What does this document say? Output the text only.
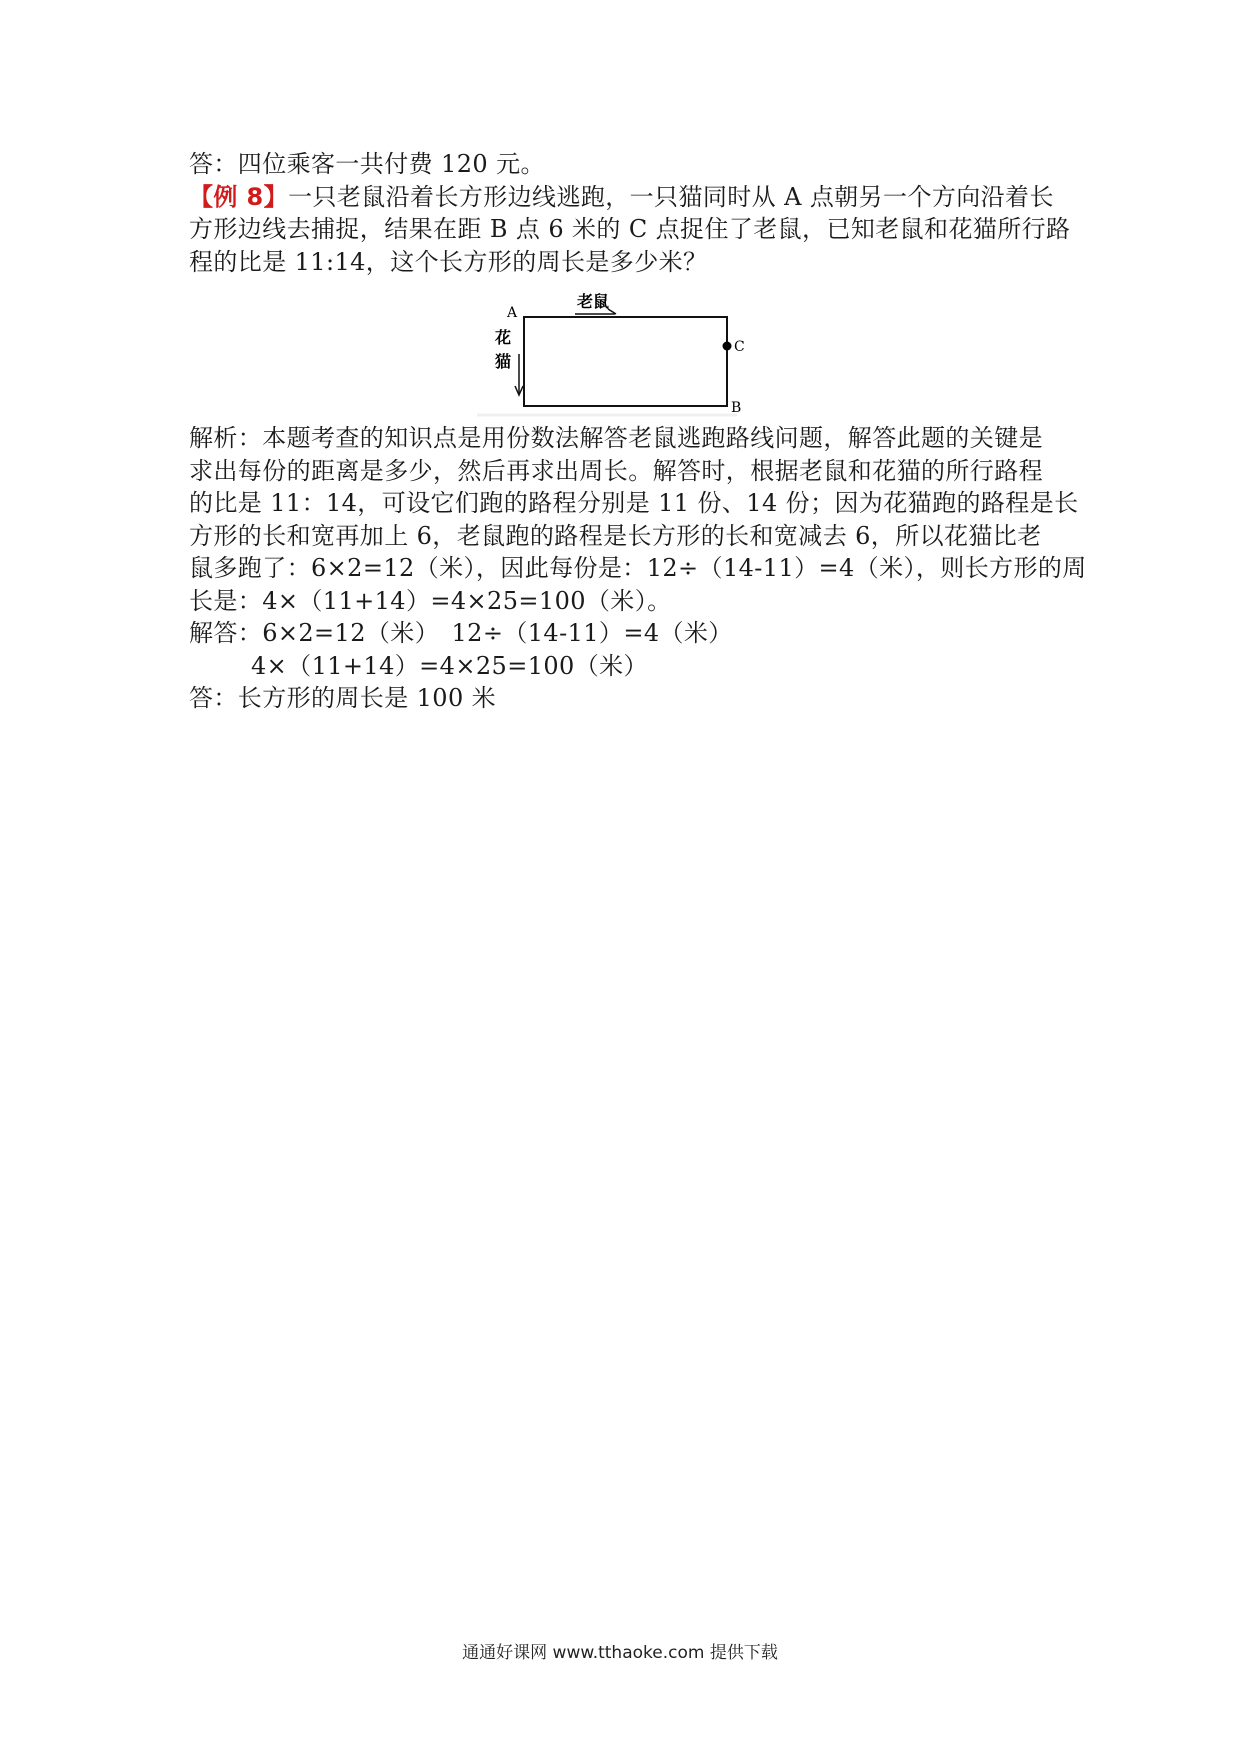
答：四位乘客一共付费 120 元。
【例 8】一只老鼠沿着长方形边线逃跑，一只猫同时从 A 点朝另一个方向沿着长
方形边线去捕捉，结果在距 B 点 6 米的 C 点捉住了老鼠，已知老鼠和花猫所行路
程的比是 11:14，这个长方形的周长是多少米？
A
B
C
老鼠
花
猫
解析：本题考查的知识点是用份数法解答老鼠逃跑路线问题，解答此题的关键是
求出每份的距离是多少，然后再求出周长。解答时，根据老鼠和花猫的所行路程
的比是 11：14，可设它们跑的路程分别是 11 份、14 份；因为花猫跑的路程是长
方形的长和宽再加上 6，老鼠跑的路程是长方形的长和宽减去 6，所以花猫比老
鼠多跑了：6×2=12（米），因此每份是：12÷（14-11）=4（米），则长方形的周
长是：4×（11+14）=4×25=100（米）。
解答：6×2=12（米）　12÷（14-11）=4（米）
4×（11+14）=4×25=100（米）
答：长方形的周长是 100 米
通通好课网 www.tthaoke.com 提供下载
